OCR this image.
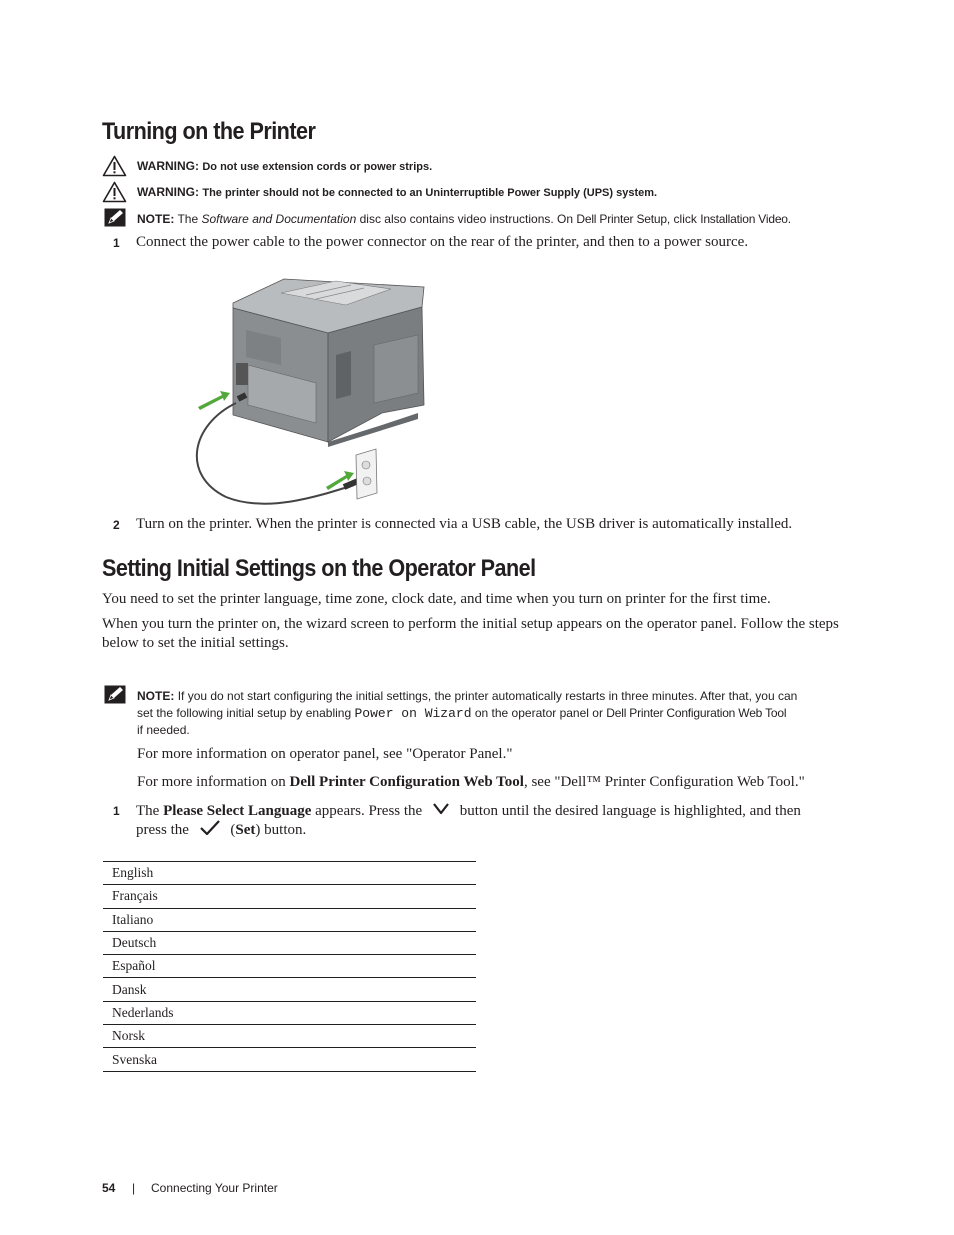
Turning on the Printer
WARNING: Do not use extension cords or power strips.
WARNING: The printer should not be connected to an Uninterruptible Power Supply (UPS) system.
NOTE: The Software and Documentation disc also contains video instructions. On Dell Printer Setup, click Installation Video.
1 Connect the power cable to the power connector on the rear of the printer, and then to a power source.
2 Turn on the printer. When the printer is connected via a USB cable, the USB driver is automatically installed.
Setting Initial Settings on the Operator Panel
You need to set the printer language, time zone, clock date, and time when you turn on printer for the first time.
When you turn the printer on, the wizard screen to perform the initial setup appears on the operator panel. Follow the steps below to set the initial settings.
NOTE: If you do not start configuring the initial settings, the printer automatically restarts in three minutes. After that, you can
set the following initial setup by enabling Power on Wizard on the operator panel or Dell Printer Configuration Web Tool
if needed.
For more information on operator panel, see "Operator Panel."
For more information on Dell Printer Configuration Web Tool, see "Dell™ Printer Configuration Web Tool."
1 The Please Select Language appears. Press the	button until the desired language is highlighted, and then
press the	(Set) button.
English
Français
Italiano
Deutsch
Español
Dansk
Nederlands
Norsk
Svenska
54 | Connecting Your Printer
